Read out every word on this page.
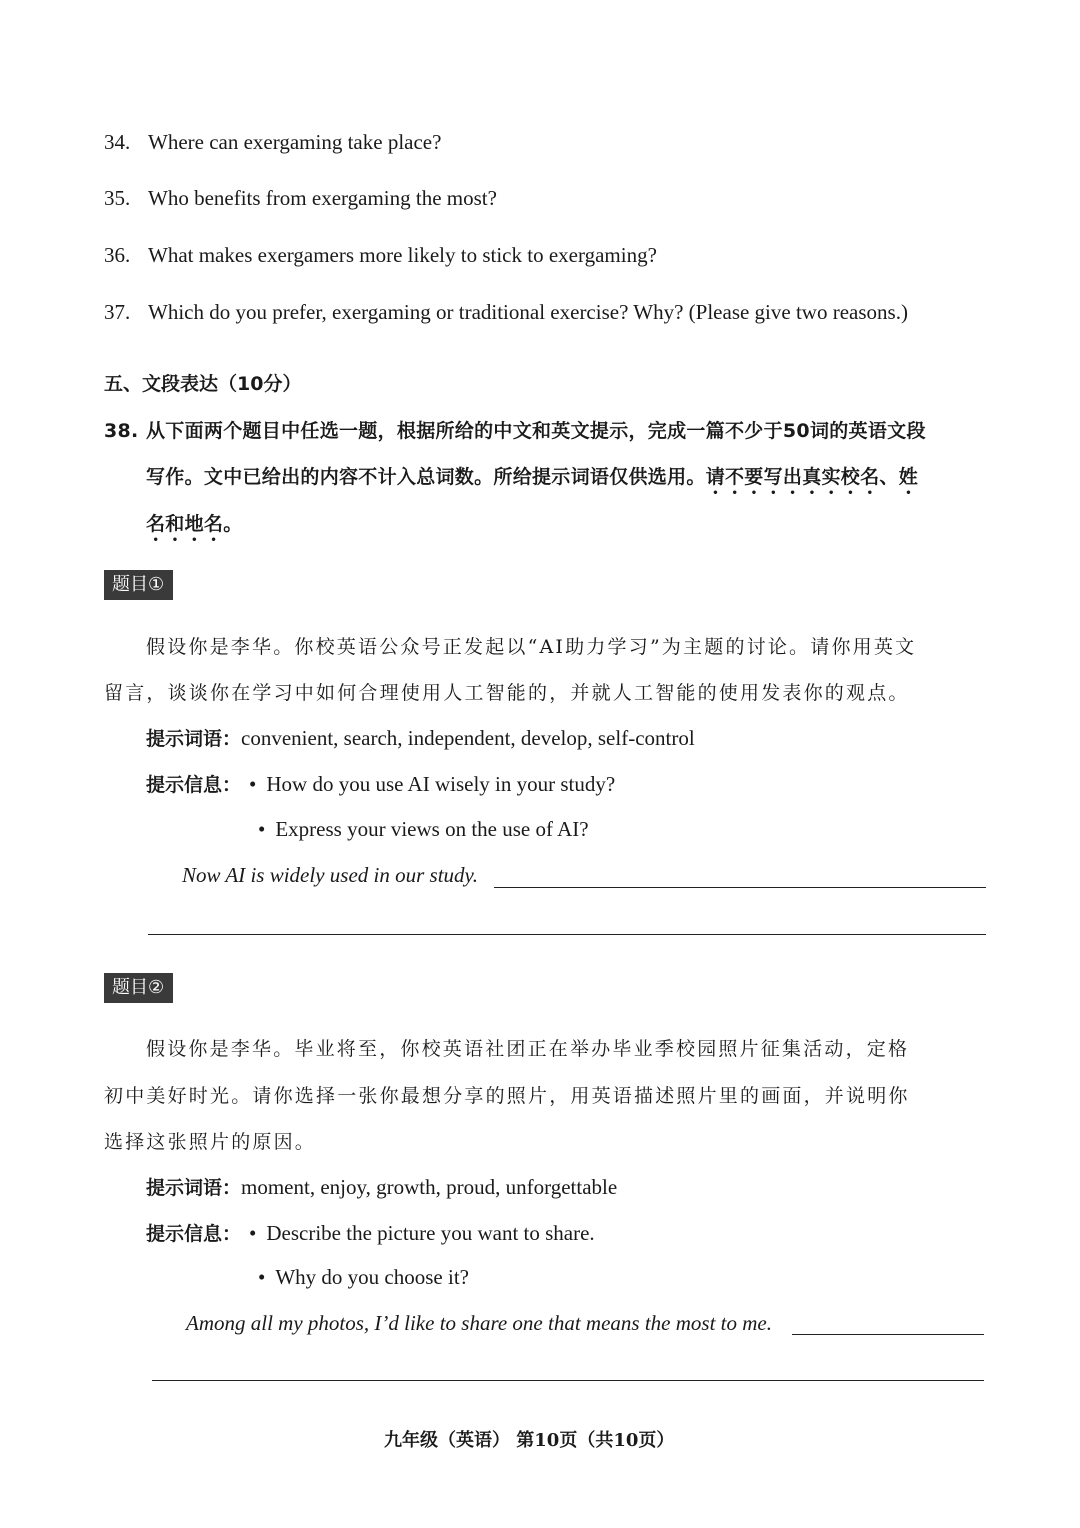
34. Where can exergaming take place?
35. Who benefits from exergaming the most?
36. What makes exergamers more likely to stick to exergaming?
37. Which do you prefer, exergaming or traditional exercise? Why? (Please give two reasons.)
五、文段表达（10分）
38. 从下面两个题目中任选一题，根据所给的中文和英文提示，完成一篇不少于50词的英语文段
写作。文中已给出的内容不计入总词数。所给提示词语仅供选用。请不要写出真实校名、姓
名和地名。
题目①
假设你是李华。你校英语公众号正发起以“AI助力学习”为主题的讨论。请你用英文
留言，谈谈你在学习中如何合理使用人工智能的，并就人工智能的使用发表你的观点。
提示词语：convenient, search, independent, develop, self-control
提示信息： • How do you use AI wisely in your study?
• Express your views on the use of AI?
Now AI is widely used in our study.
题目②
假设你是李华。毕业将至，你校英语社团正在举办毕业季校园照片征集活动，定格
初中美好时光。请你选择一张你最想分享的照片，用英语描述照片里的画面，并说明你
选择这张照片的原因。
提示词语：moment, enjoy, growth, proud, unforgettable
提示信息： • Describe the picture you want to share.
• Why do you choose it?
Among all my photos, I’d like to share one that means the most to me.
九年级（英语） 第10页（共10页）
